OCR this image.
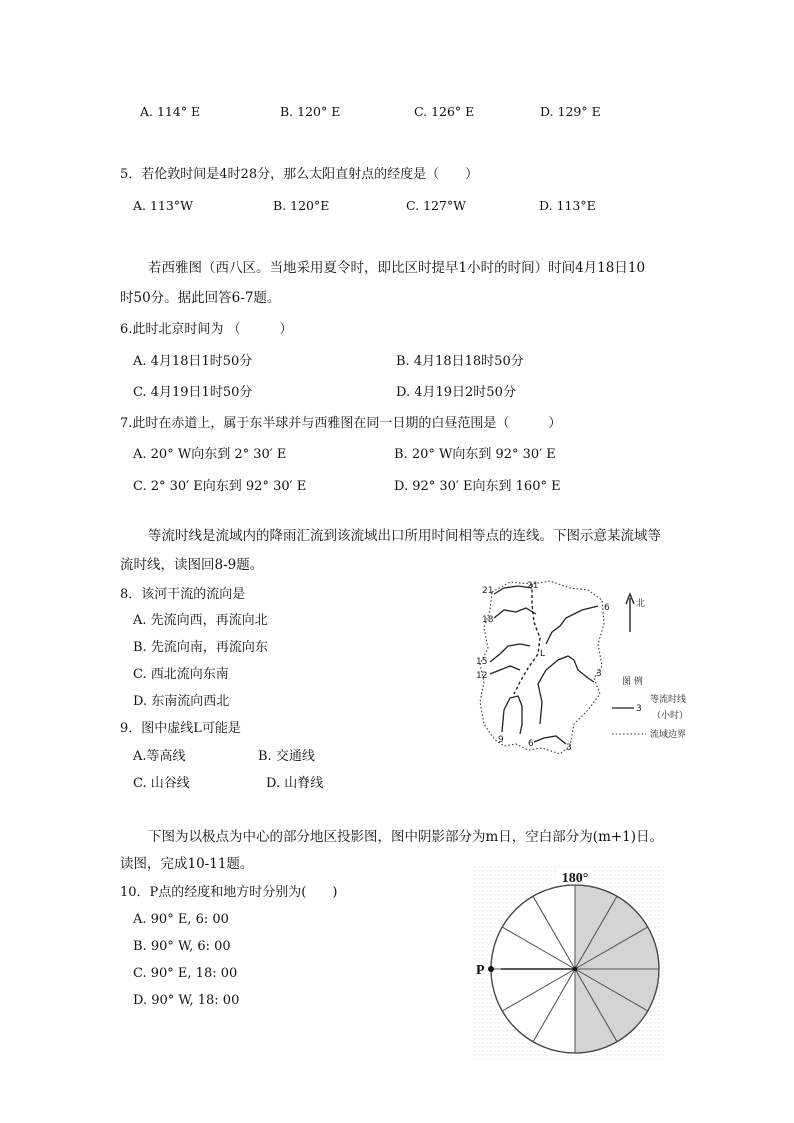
A. 114° E	B. 120° E	C. 126° E	D. 129° E
5．若伦敦时间是4时28分，那么太阳直射点的经度是（　　）
A. 113°W	B. 120°E	C. 127°W	D. 113°E
若西雅图（西八区。当地采用夏令时，即比区时提早1小时的时间）时间4月18日10
时50分。据此回答6-7题。
6.此时北京时间为 （　　　）
A. 4月18日1时50分	B. 4月18日18时50分
C. 4月19日1时50分	D. 4月19日2时50分
7.此时在赤道上，属于东半球并与西雅图在同一日期的白昼范围是（　　　）
A. 20° W向东到 2° 30′ E	B. 20° W向东到 92° 30′ E
C. 2° 30′ E向东到 92° 30′ E	D. 92° 30′ E向东到 160° E
等流时线是流域内的降雨汇流到该流域出口所用时间相等点的连线。下图示意某流域等
流时线，读图回8-9题。
8．该河干流的流向是
A. 先流向西，再流向北
B. 先流向南，再流向东
C. 西北流向东南
D. 东南流向西北
9．图中虚线L可能是
A.等高线	B. 交通线
C. 山谷线	D. 山脊线
21	21
18
6
15
12
9	6	3
3
L
北
图 例
3
等流时线
（小时）
流域边界
下图为以极点为中心的部分地区投影图，图中阴影部分为m日，空白部分为(m+1)日。
读图，完成10-11题。
10．P点的经度和地方时分别为(　　)
A. 90° E, 6: 00
B. 90° W, 6: 00
C. 90° E, 18: 00
D. 90° W, 18: 00
180°
P
